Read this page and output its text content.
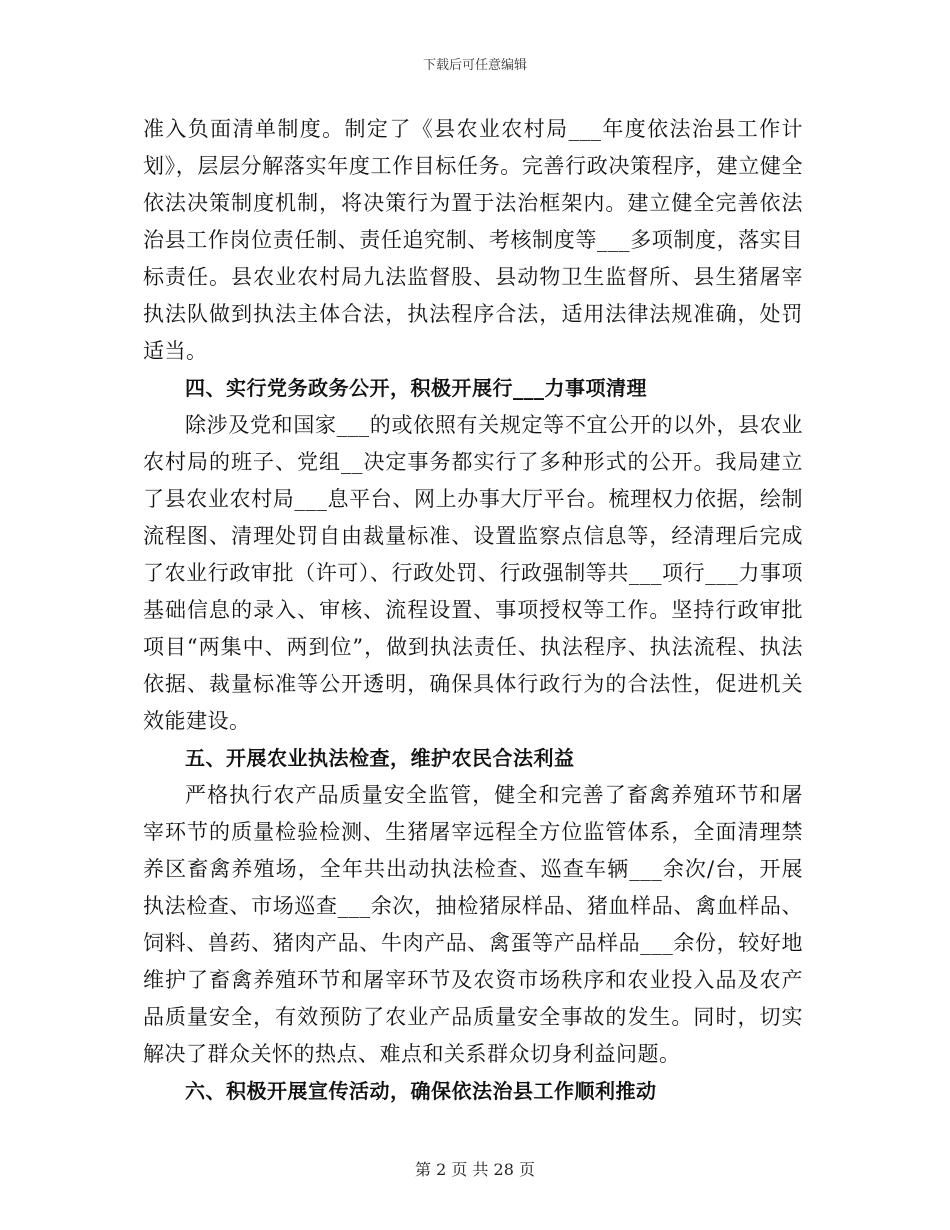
下载后可任意编辑

准入负面清单制度。制定了《县农业农村局___年度依法治县工作计划》，层层分解落实年度工作目标任务。完善行政决策程序，建立健全依法决策制度机制，将决策行为置于法治框架内。建立健全完善依法治县工作岗位责任制、责任追究制、考核制度等___多项制度，落实目标责任。县农业农村局九法监督股、县动物卫生监督所、县生猪屠宰执法队做到执法主体合法，执法程序合法，适用法律法规准确，处罚适当。

四、实行党务政务公开，积极开展行___力事项清理

除涉及党和国家___的或依照有关规定等不宜公开的以外，县农业农村局的班子、党组__决定事务都实行了多种形式的公开。我局建立了县农业农村局___息平台、网上办事大厅平台。梳理权力依据，绘制流程图、清理处罚自由裁量标准、设置监察点信息等，经清理后完成了农业行政审批（许可）、行政处罚、行政强制等共___项行___力事项基础信息的录入、审核、流程设置、事项授权等工作。坚持行政审批项目“两集中、两到位”，做到执法责任、执法程序、执法流程、执法依据、裁量标准等公开透明，确保具体行政行为的合法性，促进机关效能建设。

五、开展农业执法检查，维护农民合法利益

严格执行农产品质量安全监管，健全和完善了畜禽养殖环节和屠宰环节的质量检验检测、生猪屠宰远程全方位监管体系，全面清理禁养区畜禽养殖场，全年共出动执法检查、巡查车辆___余次/台，开展执法检查、市场巡查___余次，抽检猪尿样品、猪血样品、禽血样品、饲料、兽药、猪肉产品、牛肉产品、禽蛋等产品样品___余份，较好地维护了畜禽养殖环节和屠宰环节及农资市场秩序和农业投入品及农产品质量安全，有效预防了农业产品质量安全事故的发生。同时，切实解决了群众关怀的热点、难点和关系群众切身利益问题。

六、积极开展宣传活动，确保依法治县工作顺利推动

第 2 页 共 28 页
